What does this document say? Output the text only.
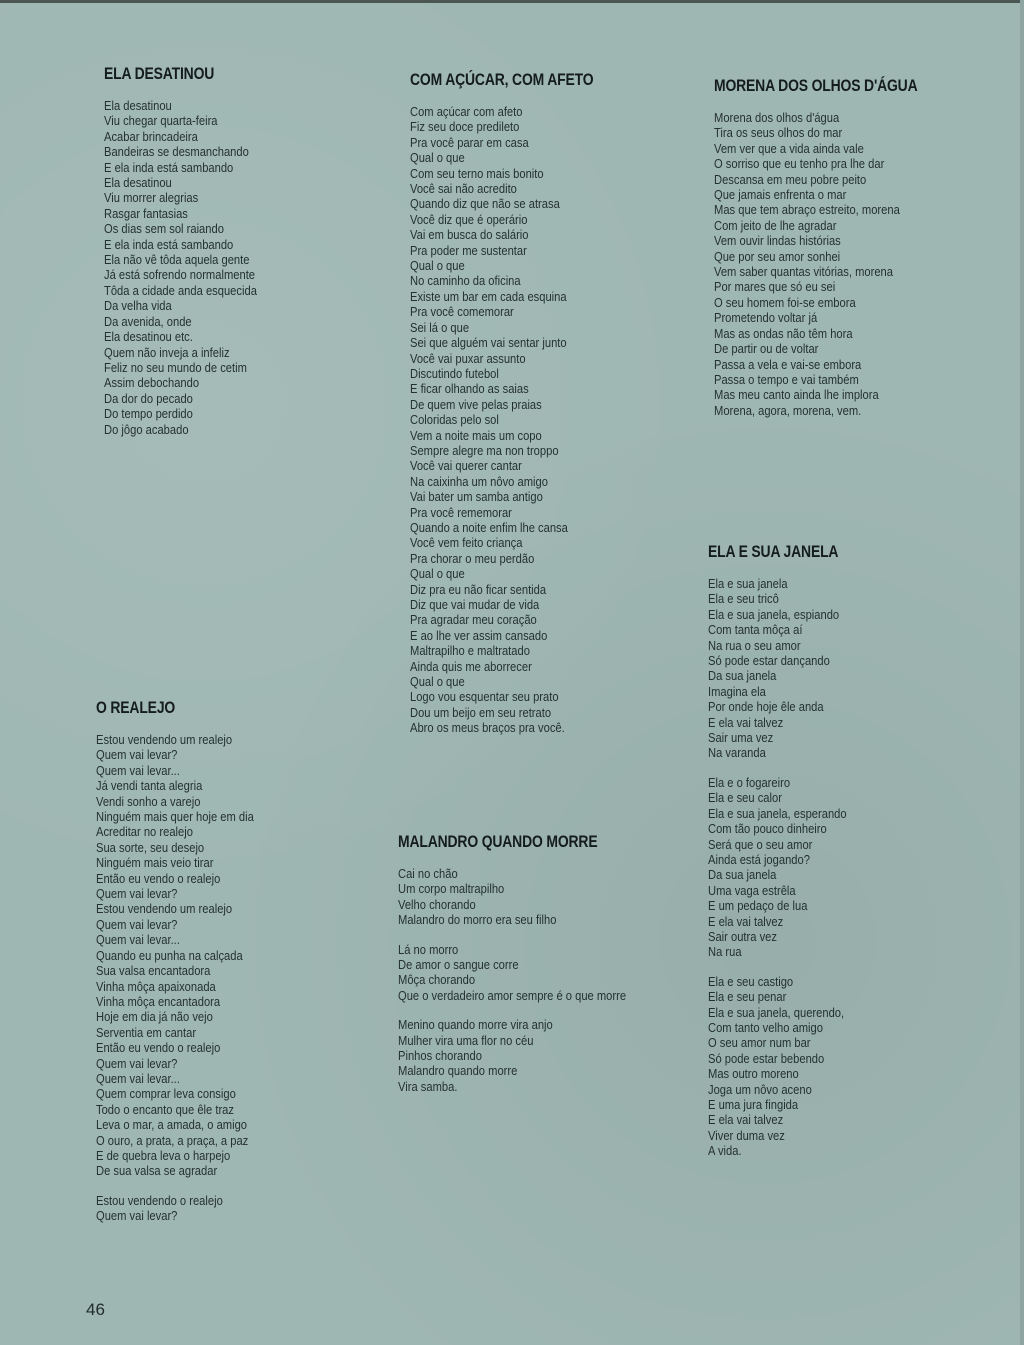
ELA DESATINOU
Ela desatinou
Viu chegar quarta-feira
Acabar brincadeira
Bandeiras se desmanchando
E ela inda está sambando
Ela desatinou
Viu morrer alegrias
Rasgar fantasias
Os dias sem sol raiando
E ela inda está sambando
Ela não vê tôda aquela gente
Já está sofrendo normalmente
Tôda a cidade anda esquecida
Da velha vida
Da avenida, onde
Ela desatinou etc.
Quem não inveja a infeliz
Feliz no seu mundo de cetim
Assim debochando
Da dor do pecado
Do tempo perdido
Do jôgo acabado
COM AÇÚCAR, COM AFETO
Com açúcar com afeto
Fiz seu doce predileto
Pra você parar em casa
Qual o que
Com seu terno mais bonito
Você sai não acredito
Quando diz que não se atrasa
Você diz que é operário
Vai em busca do salário
Pra poder me sustentar
Qual o que
No caminho da oficina
Existe um bar em cada esquina
Pra você comemorar
Sei lá o que
Sei que alguém vai sentar junto
Você vai puxar assunto
Discutindo futebol
E ficar olhando as saias
De quem vive pelas praias
Coloridas pelo sol
Vem a noite mais um copo
Sempre alegre ma non troppo
Você vai querer cantar
Na caixinha um nôvo amigo
Vai bater um samba antigo
Pra você rememorar
Quando a noite enfim lhe cansa
Você vem feito criança
Pra chorar o meu perdão
Qual o que
Diz pra eu não ficar sentida
Diz que vai mudar de vida
Pra agradar meu coração
E ao lhe ver assim cansado
Maltrapilho e maltratado
Ainda quis me aborrecer
Qual o que
Logo vou esquentar seu prato
Dou um beijo em seu retrato
Abro os meus braços pra você.
MORENA DOS OLHOS D'ÁGUA
Morena dos olhos d'água
Tira os seus olhos do mar
Vem ver que a vida ainda vale
O sorriso que eu tenho pra lhe dar
Descansa em meu pobre peito
Que jamais enfrenta o mar
Mas que tem abraço estreito, morena
Com jeito de lhe agradar
Vem ouvir lindas histórias
Que por seu amor sonhei
Vem saber quantas vitórias, morena
Por mares que só eu sei
O seu homem foi-se embora
Prometendo voltar já
Mas as ondas não têm hora
De partir ou de voltar
Passa a vela e vai-se embora
Passa o tempo e vai também
Mas meu canto ainda lhe implora
Morena, agora, morena, vem.
ELA E SUA JANELA
Ela e sua janela
Ela e seu tricô
Ela e sua janela, espiando
Com tanta môça aí
Na rua o seu amor
Só pode estar dançando
Da sua janela
Imagina ela
Por onde hoje êle anda
E ela vai talvez
Sair uma vez
Na varanda
Ela e o fogareiro
Ela e seu calor
Ela e sua janela, esperando
Com tão pouco dinheiro
Será que o seu amor
Ainda está jogando?
Da sua janela
Uma vaga estrêla
E um pedaço de lua
E ela vai talvez
Sair outra vez
Na rua
Ela e seu castigo
Ela e seu penar
Ela e sua janela, querendo,
Com tanto velho amigo
O seu amor num bar
Só pode estar bebendo
Mas outro moreno
Joga um nôvo aceno
E uma jura fingida
E ela vai talvez
Viver duma vez
A vida.
O REALEJO
Estou vendendo um realejo
Quem vai levar?
Quem vai levar...
Já vendi tanta alegria
Vendi sonho a varejo
Ninguém mais quer hoje em dia
Acreditar no realejo
Sua sorte, seu desejo
Ninguém mais veio tirar
Então eu vendo o realejo
Quem vai levar?
Estou vendendo um realejo
Quem vai levar?
Quem vai levar...
Quando eu punha na calçada
Sua valsa encantadora
Vinha môça apaixonada
Vinha môça encantadora
Hoje em dia já não vejo
Serventia em cantar
Então eu vendo o realejo
Quem vai levar?
Quem vai levar...
Quem comprar leva consigo
Todo o encanto que êle traz
Leva o mar, a amada, o amigo
O ouro, a prata, a praça, a paz
E de quebra leva o harpejo
De sua valsa se agradar
Estou vendendo o realejo
Quem vai levar?
MALANDRO QUANDO MORRE
Cai no chão
Um corpo maltrapilho
Velho chorando
Malandro do morro era seu filho
Lá no morro
De amor o sangue corre
Môça chorando
Que o verdadeiro amor sempre é o que morre
Menino quando morre vira anjo
Mulher vira uma flor no céu
Pinhos chorando
Malandro quando morre
Vira samba.
46
